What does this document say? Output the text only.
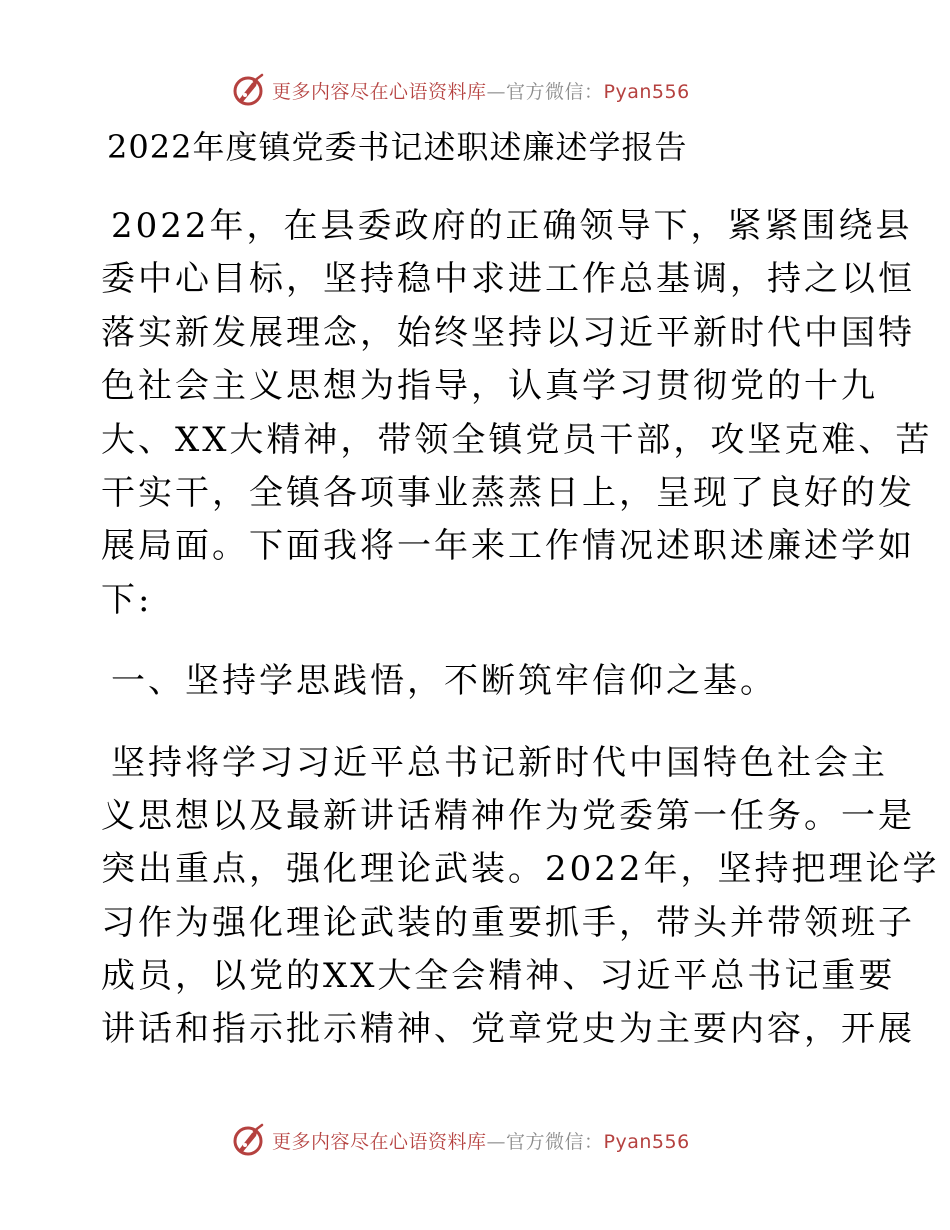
更多内容尽在心语资料库—官方微信：Pyan556
2022年度镇党委书记述职述廉述学报告
2022年，在县委政府的正确领导下，紧紧围绕县
委中心目标，坚持稳中求进工作总基调，持之以恒
落实新发展理念，始终坚持以习近平新时代中国特
色社会主义思想为指导，认真学习贯彻党的十九
大、XX大精神，带领全镇党员干部，攻坚克难、苦
干实干，全镇各项事业蒸蒸日上，呈现了良好的发
展局面。下面我将一年来工作情况述职述廉述学如
下:
一、坚持学思践悟，不断筑牢信仰之基。
坚持将学习习近平总书记新时代中国特色社会主
义思想以及最新讲话精神作为党委第一任务。一是
突出重点，强化理论武装。2022年，坚持把理论学
习作为强化理论武装的重要抓手，带头并带领班子
成员，以党的XX大全会精神、习近平总书记重要
讲话和指示批示精神、党章党史为主要内容，开展
更多内容尽在心语资料库—官方微信：Pyan556
